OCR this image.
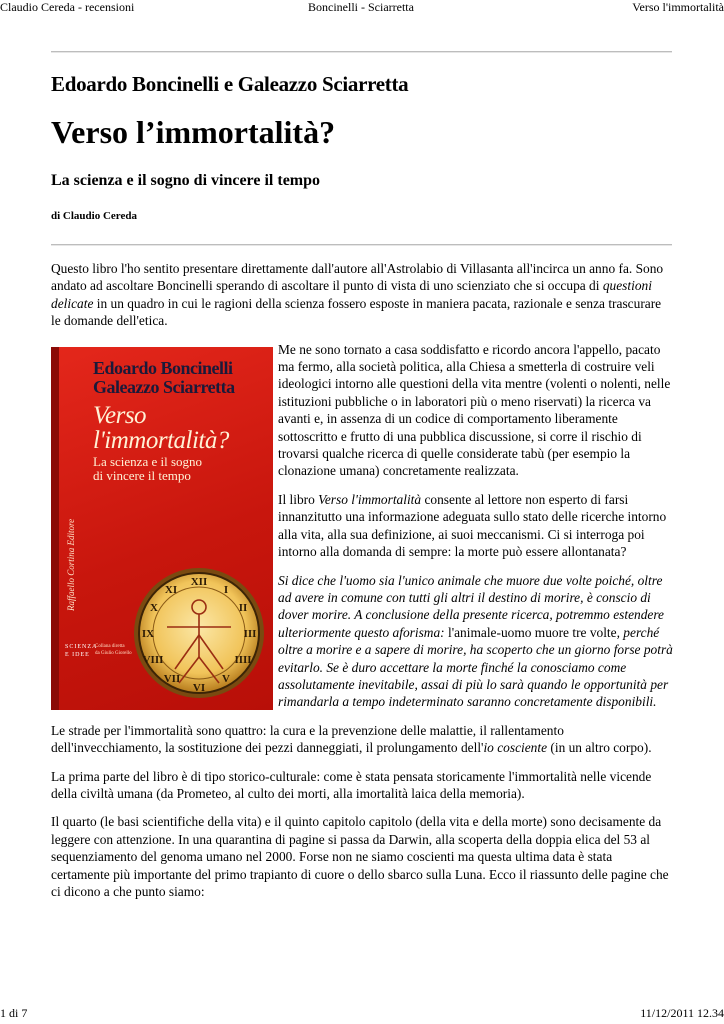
Claudio Cereda - recensioni	Boncinelli - Sciarretta	Verso l'immortalità
Edoardo Boncinelli e Galeazzo Sciarretta
Verso l’immortalità?
La scienza e il sogno di vincere il tempo
di Claudio Cereda

Questo libro l'ho sentito presentare direttamente dall'autore all'Astrolabio di Villasanta all'incirca un anno fa. Sono andato ad ascoltare Boncinelli sperando di ascoltare il punto di vista di uno scienziato che si occupa di questioni delicate in un quadro in cui le ragioni della scienza fossero esposte in maniera pacata, razionale e senza trascurare le domande dell'etica.

Raffaello Cortina Editore
Edoardo Boncinelli
Galeazzo Sciarretta
Verso
l'immortalità?
La scienza e il sogno
di vincere il tempo
XII
I
II
III
IIII
V
VI
VII
VIII
IX
X
XI
SCIENZA
E IDEE
Collana diretta
da Giulio Giorello

Me ne sono tornato a casa soddisfatto e ricordo ancora l'appello, pacato ma fermo, alla società politica, alla Chiesa a smetterla di costruire veli ideologici intorno alle questioni della vita mentre (volenti o nolenti, nelle istituzioni pubbliche o in laboratori più o meno riservati) la ricerca va avanti e, in assenza di un codice di comportamento liberamente sottoscritto e frutto di una pubblica discussione, si corre il rischio di trovarsi qualche ricerca di quelle considerate tabù (per esempio la clonazione umana) concretamente realizzata.

Il libro Verso l'immortalità consente al lettore non esperto di farsi innanzitutto una informazione adeguata sullo stato delle ricerche intorno alla vita, alla sua definizione, ai suoi meccanismi. Ci si interroga poi intorno alla domanda di sempre: la morte può essere allontanata?

Si dice che l'uomo sia l'unico animale che muore due volte poiché, oltre ad avere in comune con tutti gli altri il destino di morire, è conscio di dover morire. A conclusione della presente ricerca, potremmo estendere ulteriormente questo aforisma: l'animale-uomo muore tre volte, perché oltre a morire e a sapere di morire, ha scoperto che un giorno forse potrà evitarlo. Se è duro accettare la morte finché la conosciamo come assolutamente inevitabile, assai di più lo sarà quando le opportunità per rimandarla a tempo indeterminato saranno concretamente disponibili.

Le strade per l'immortalità sono quattro: la cura e la prevenzione delle malattie, il rallentamento dell'invecchiamento, la sostituzione dei pezzi danneggiati, il prolungamento dell'io cosciente (in un altro corpo).

La prima parte del libro è di tipo storico-culturale: come è stata pensata storicamente l'immortalità nelle vicende della civiltà umana (da Prometeo, al culto dei morti, alla imortalità laica della memoria).

Il quarto (le basi scientifiche della vita) e il quinto capitolo capitolo (della vita e della morte) sono decisamente da leggere con attenzione. In una quarantina di pagine si passa da Darwin, alla scoperta della doppia elica del 53 al sequenziamento del genoma umano nel 2000. Forse non ne siamo coscienti ma questa ultima data è stata certamente più importante del primo trapianto di cuore o dello sbarco sulla Luna. Ecco il riassunto delle pagine che ci dicono a che punto siamo:

1 di 7	11/12/2011 12.34
